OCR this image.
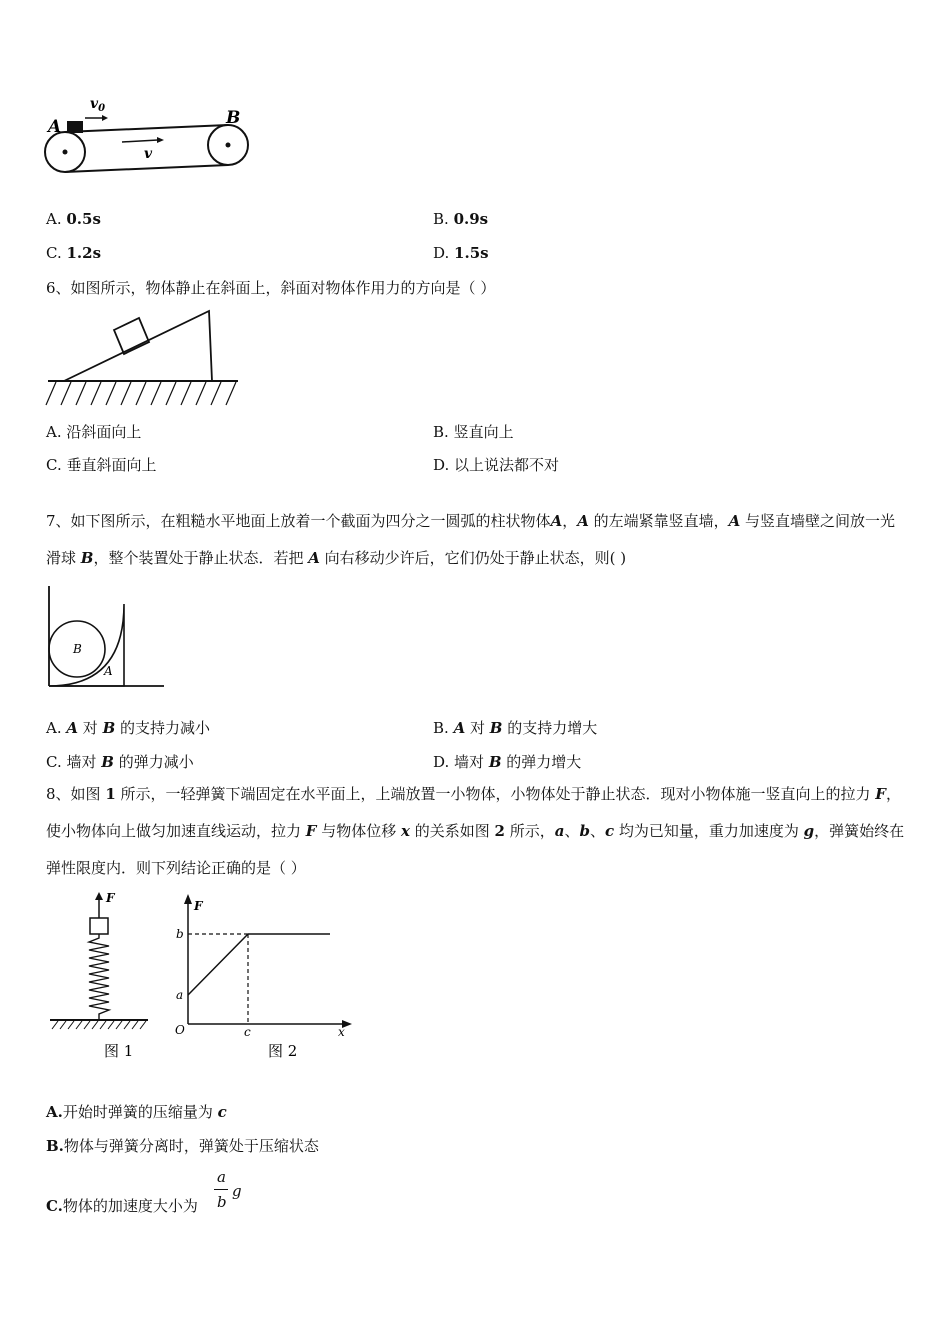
A	B
$v_0$
v
A. 0.5s	B. 0.9s
C. 1.2s	D. 1.5s
6、如图所示，物体静止在斜面上，斜面对物体作用力的方向是（ ）
A. 沿斜面向上	B. 竖直向上
C. 垂直斜面向上	D. 以上说法都不对
7、如下图所示，在粗糙水平地面上放着一个截面为四分之一圆弧的柱状物体A，A 的左端紧靠竖直墙，A 与竖直墙壁之间放一光滑球 B，整个装置处于静止状态．若把 A 向右移动少许后，它们仍处于静止状态，则( )
B
A
A. A 对 B 的支持力减小	B. A 对 B 的支持力增大
C. 墙对 B 的弹力减小	D. 墙对 B 的弹力增大
8、如图 1 所示，一轻弹簧下端固定在水平面上，上端放置一小物体，小物体处于静止状态．现对小物体施一竖直向上的拉力 F，使小物体向上做匀加速直线运动，拉力 F 与物体位移 x 的关系如图 2 所示，a、b、c 均为已知量，重力加速度为 g，弹簧始终在弹性限度内．则下列结论正确的是（ ）
F
图 1
F
b
a
O	c	x
图 2
A.开始时弹簧的压缩量为 c
B.物体与弹簧分离时，弹簧处于压缩状态
C.物体的加速度大小为
a
b
g
